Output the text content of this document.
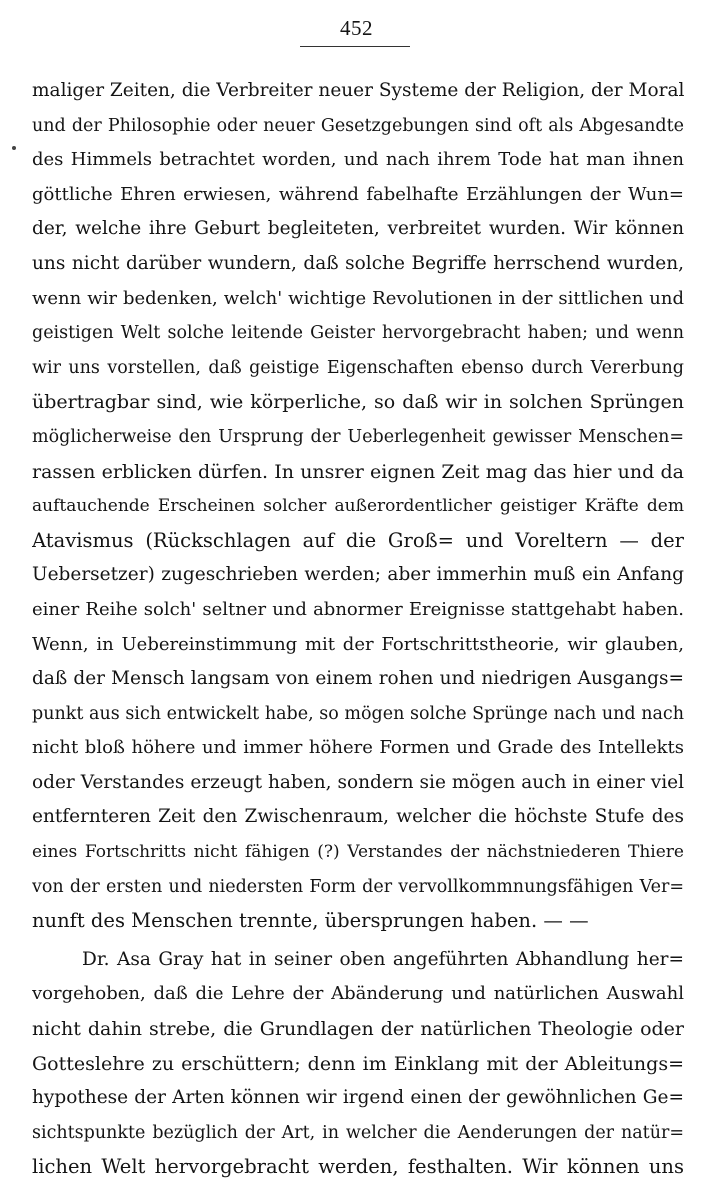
452
maliger Zeiten, die Verbreiter neuer Systeme der Religion, der Moral
und der Philosophie oder neuer Gesetzgebungen sind oft als Abgesandte
des Himmels betrachtet worden, und nach ihrem Tode hat man ihnen
göttliche Ehren erwiesen, während fabelhafte Erzählungen der Wun=
der, welche ihre Geburt begleiteten, verbreitet wurden. Wir können
uns nicht darüber wundern, daß solche Begriffe herrschend wurden,
wenn wir bedenken, welch' wichtige Revolutionen in der sittlichen und
geistigen Welt solche leitende Geister hervorgebracht haben; und wenn
wir uns vorstellen, daß geistige Eigenschaften ebenso durch Vererbung
übertragbar sind, wie körperliche, so daß wir in solchen Sprüngen
möglicherweise den Ursprung der Ueberlegenheit gewisser Menschen=
rassen erblicken dürfen. In unsrer eignen Zeit mag das hier und da
auftauchende Erscheinen solcher außerordentlicher geistiger Kräfte dem
Atavismus (Rückschlagen auf die Groß= und Voreltern — der
Uebersetzer) zugeschrieben werden; aber immerhin muß ein Anfang
einer Reihe solch' seltner und abnormer Ereignisse stattgehabt haben.
Wenn, in Uebereinstimmung mit der Fortschrittstheorie, wir glauben,
daß der Mensch langsam von einem rohen und niedrigen Ausgangs=
punkt aus sich entwickelt habe, so mögen solche Sprünge nach und nach
nicht bloß höhere und immer höhere Formen und Grade des Intellekts
oder Verstandes erzeugt haben, sondern sie mögen auch in einer viel
entfernteren Zeit den Zwischenraum, welcher die höchste Stufe des
eines Fortschritts nicht fähigen (?) Verstandes der nächstniederen Thiere
von der ersten und niedersten Form der vervollkommnungsfähigen Ver=
nunft des Menschen trennte, übersprungen haben. — —
Dr. Asa Gray hat in seiner oben angeführten Abhandlung her=
vorgehoben, daß die Lehre der Abänderung und natürlichen Auswahl
nicht dahin strebe, die Grundlagen der natürlichen Theologie oder
Gotteslehre zu erschüttern; denn im Einklang mit der Ableitungs=
hypothese der Arten können wir irgend einen der gewöhnlichen Ge=
sichtspunkte bezüglich der Art, in welcher die Aenderungen der natür=
lichen Welt hervorgebracht werden, festhalten. Wir können uns
